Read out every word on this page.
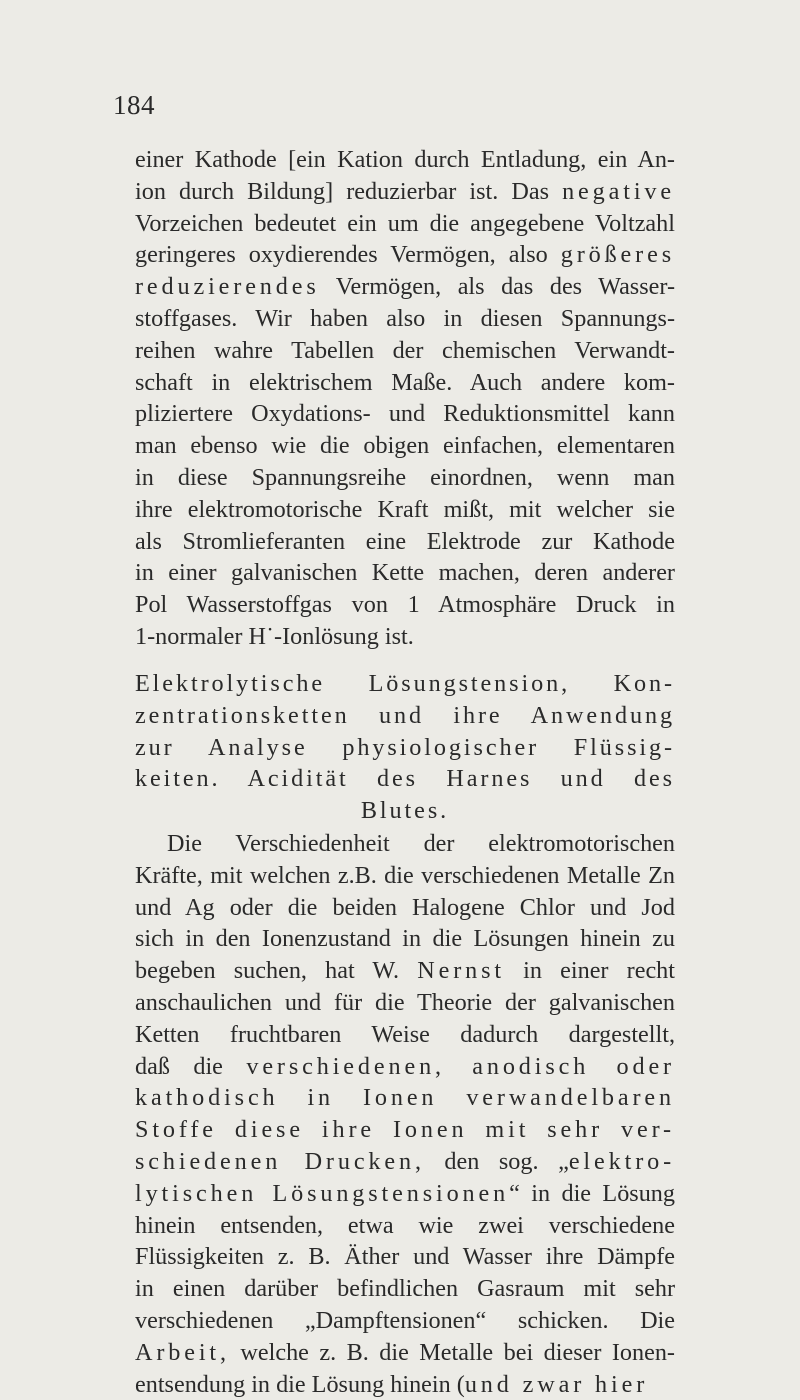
184
einer Kathode [ein Kation durch Entladung, ein An-
ion durch Bildung] reduzierbar ist. Das negative
Vorzeichen bedeutet ein um die angegebene Voltzahl
geringeres oxydierendes Vermögen, also größeres
reduzierendes Vermögen, als das des Wasser-
stoffgases. Wir haben also in diesen Spannungs-
reihen wahre Tabellen der chemischen Verwandt-
schaft in elektrischem Maße. Auch andere kom-
pliziertere Oxydations- und Reduktionsmittel kann
man ebenso wie die obigen einfachen, elementaren
in diese Spannungsreihe einordnen, wenn man
ihre elektromotorische Kraft mißt, mit welcher sie
als Stromlieferanten eine Elektrode zur Kathode
in einer galvanischen Kette machen, deren anderer
Pol Wasserstoffgas von 1 Atmosphäre Druck in
1-normaler H˙-Ionlösung ist.
Elektrolytische Lösungstension, Kon-
zentrationsketten und ihre Anwendung
zur Analyse physiologischer Flüssig-
keiten. Acidität des Harnes und des
Blutes.
Die Verschiedenheit der elektromotorischen
Kräfte, mit welchen z.B. die verschiedenen Metalle Zn
und Ag oder die beiden Halogene Chlor und Jod
sich in den Ionenzustand in die Lösungen hinein zu
begeben suchen, hat W. Nernst in einer recht
anschaulichen und für die Theorie der galvanischen
Ketten fruchtbaren Weise dadurch dargestellt,
daß die verschiedenen, anodisch oder
kathodisch in Ionen verwandelbaren
Stoffe diese ihre Ionen mit sehr ver-
schiedenen Drucken, den sog. „elektro-
lytischen Lösungstensionen“ in die Lösung
hinein entsenden, etwa wie zwei verschiedene
Flüssigkeiten z. B. Äther und Wasser ihre Dämpfe
in einen darüber befindlichen Gasraum mit sehr
verschiedenen „Dampftensionen“ schicken. Die
Arbeit, welche z. B. die Metalle bei dieser Ionen-
entsendung in die Lösung hinein (und zwar hier
